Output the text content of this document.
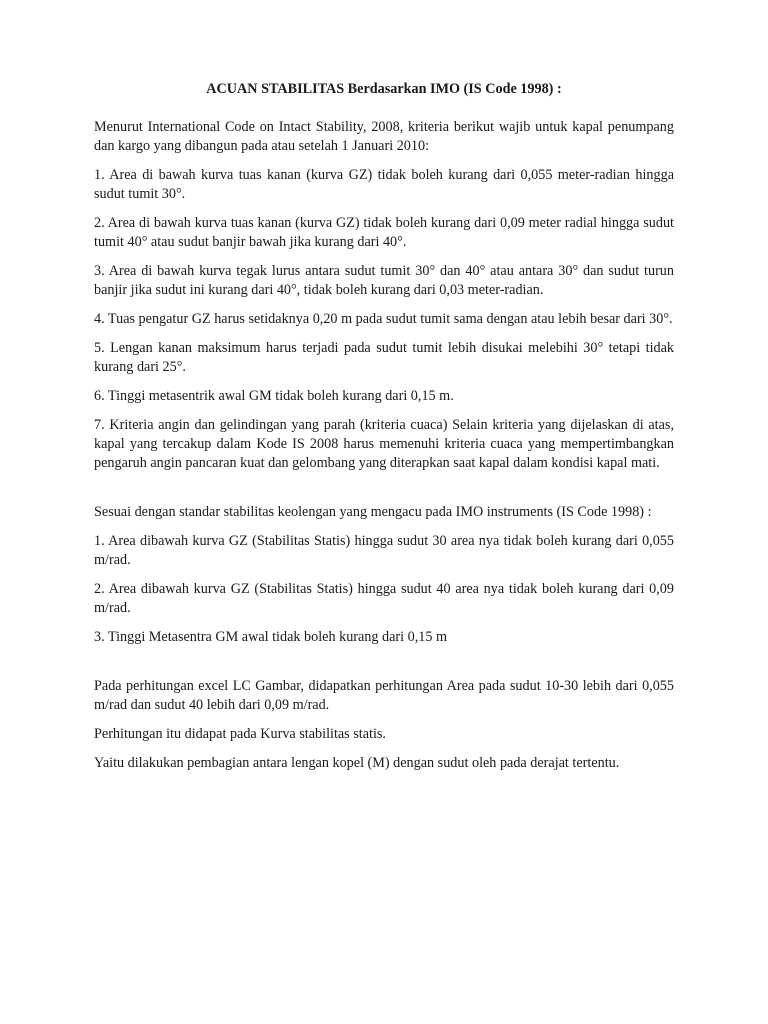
ACUAN STABILITAS Berdasarkan IMO (IS Code 1998) :

Menurut International Code on Intact Stability, 2008, kriteria berikut wajib untuk kapal penumpang dan kargo yang dibangun pada atau setelah 1 Januari 2010:

1. Area di bawah kurva tuas kanan (kurva GZ) tidak boleh kurang dari 0,055 meter-radian hingga sudut tumit 30°.

2. Area di bawah kurva tuas kanan (kurva GZ) tidak boleh kurang dari 0,09 meter radial hingga sudut tumit 40° atau sudut banjir bawah jika kurang dari 40°.

3. Area di bawah kurva tegak lurus antara sudut tumit 30° dan 40° atau antara 30° dan sudut turun banjir jika sudut ini kurang dari 40°, tidak boleh kurang dari 0,03 meter-radian.

4. Tuas pengatur GZ harus setidaknya 0,20 m pada sudut tumit sama dengan atau lebih besar dari 30°.

5. Lengan kanan maksimum harus terjadi pada sudut tumit lebih disukai melebihi 30° tetapi tidak kurang dari 25°.

6. Tinggi metasentrik awal GM tidak boleh kurang dari 0,15 m.

7. Kriteria angin dan gelindingan yang parah (kriteria cuaca) Selain kriteria yang dijelaskan di atas, kapal yang tercakup dalam Kode IS 2008 harus memenuhi kriteria cuaca yang mempertimbangkan pengaruh angin pancaran kuat dan gelombang yang diterapkan saat kapal dalam kondisi kapal mati.

Sesuai dengan standar stabilitas keolengan yang mengacu pada IMO instruments (IS Code 1998) :

1. Area dibawah kurva GZ (Stabilitas Statis) hingga sudut 30 area nya tidak boleh kurang dari 0,055 m/rad.

2. Area dibawah kurva GZ (Stabilitas Statis) hingga sudut 40 area nya tidak boleh kurang dari 0,09 m/rad.

3. Tinggi Metasentra GM awal tidak boleh kurang dari 0,15 m

Pada perhitungan excel LC Gambar, didapatkan perhitungan Area pada sudut 10-30 lebih dari 0,055 m/rad dan sudut 40 lebih dari 0,09 m/rad.

Perhitungan itu didapat pada Kurva stabilitas statis.

Yaitu dilakukan pembagian antara lengan kopel (M) dengan sudut oleh pada derajat tertentu.
